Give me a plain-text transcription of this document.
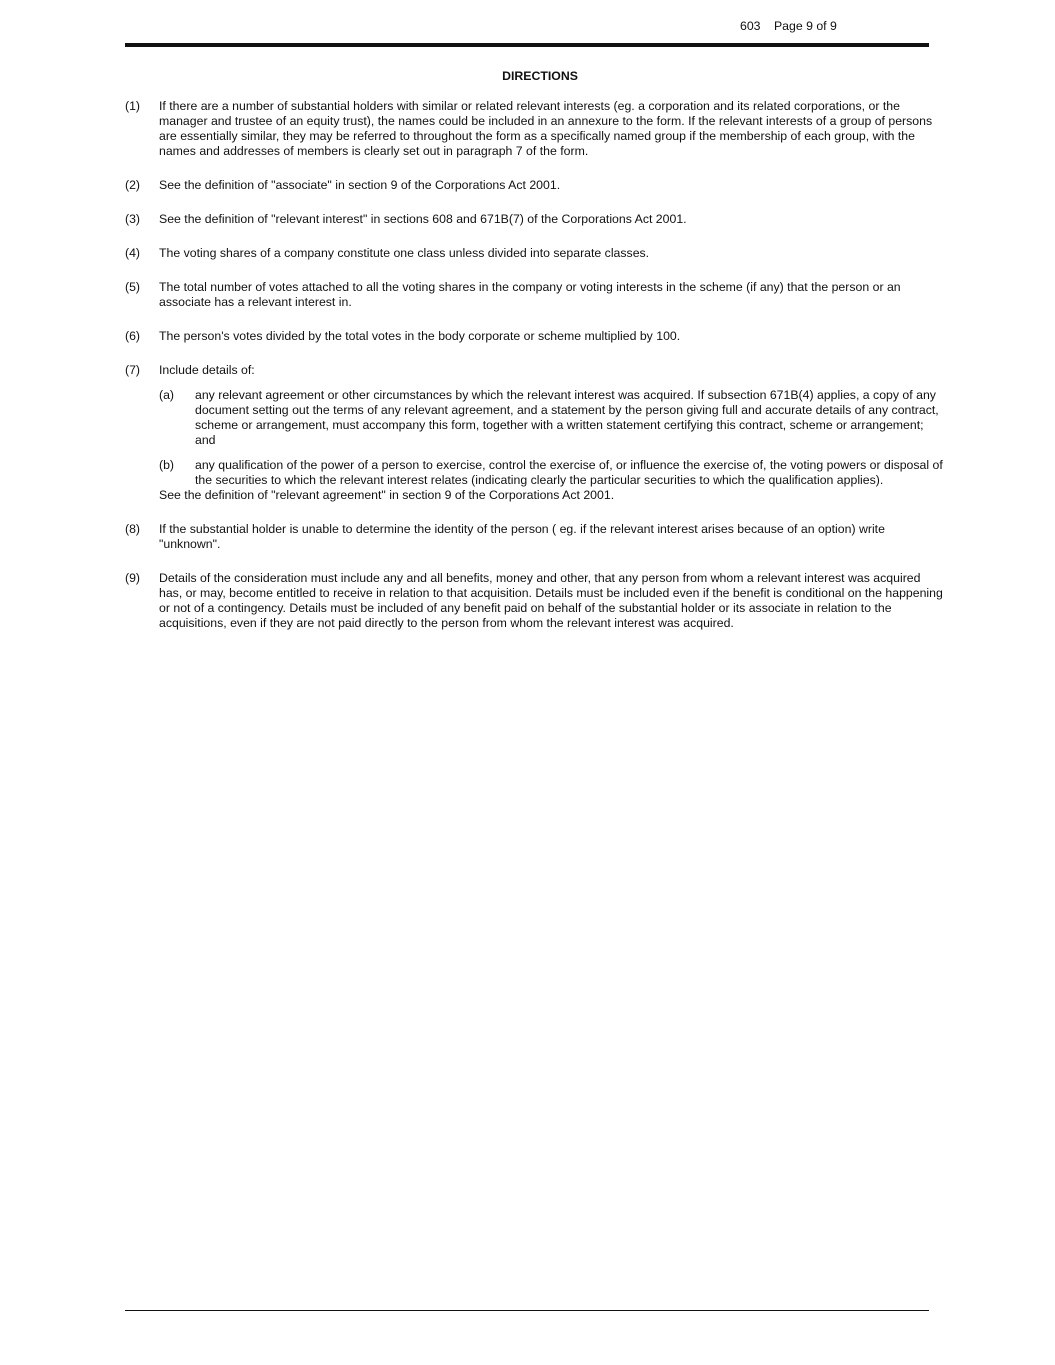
603 Page 9 of 9
DIRECTIONS
(1) If there are a number of substantial holders with similar or related relevant interests (eg. a corporation and its related corporations, or the manager and trustee of an equity trust), the names could be included in an annexure to the form. If the relevant interests of a group of persons are essentially similar, they may be referred to throughout the form as a specifically named group if the membership of each group, with the names and addresses of members is clearly set out in paragraph 7 of the form.

(2) See the definition of "associate" in section 9 of the Corporations Act 2001.

(3) See the definition of "relevant interest" in sections 608 and 671B(7) of the Corporations Act 2001.

(4) The voting shares of a company constitute one class unless divided into separate classes.

(5) The total number of votes attached to all the voting shares in the company or voting interests in the scheme (if any) that the person or an associate has a relevant interest in.

(6) The person's votes divided by the total votes in the body corporate or scheme multiplied by 100.

(7) Include details of:

(a) any relevant agreement or other circumstances by which the relevant interest was acquired. If subsection 671B(4) applies, a copy of any document setting out the terms of any relevant agreement, and a statement by the person giving full and accurate details of any contract, scheme or arrangement, must accompany this form, together with a written statement certifying this contract, scheme or arrangement; and

(b) any qualification of the power of a person to exercise, control the exercise of, or influence the exercise of, the voting powers or disposal of the securities to which the relevant interest relates (indicating clearly the particular securities to which the qualification applies).

See the definition of "relevant agreement" in section 9 of the Corporations Act 2001.

(8) If the substantial holder is unable to determine the identity of the person ( eg. if the relevant interest arises because of an option) write "unknown".

(9) Details of the consideration must include any and all benefits, money and other, that any person from whom a relevant interest was acquired has, or may, become entitled to receive in relation to that acquisition. Details must be included even if the benefit is conditional on the happening or not of a contingency. Details must be included of any benefit paid on behalf of the substantial holder or its associate in relation to the acquisitions, even if they are not paid directly to the person from whom the relevant interest was acquired.
